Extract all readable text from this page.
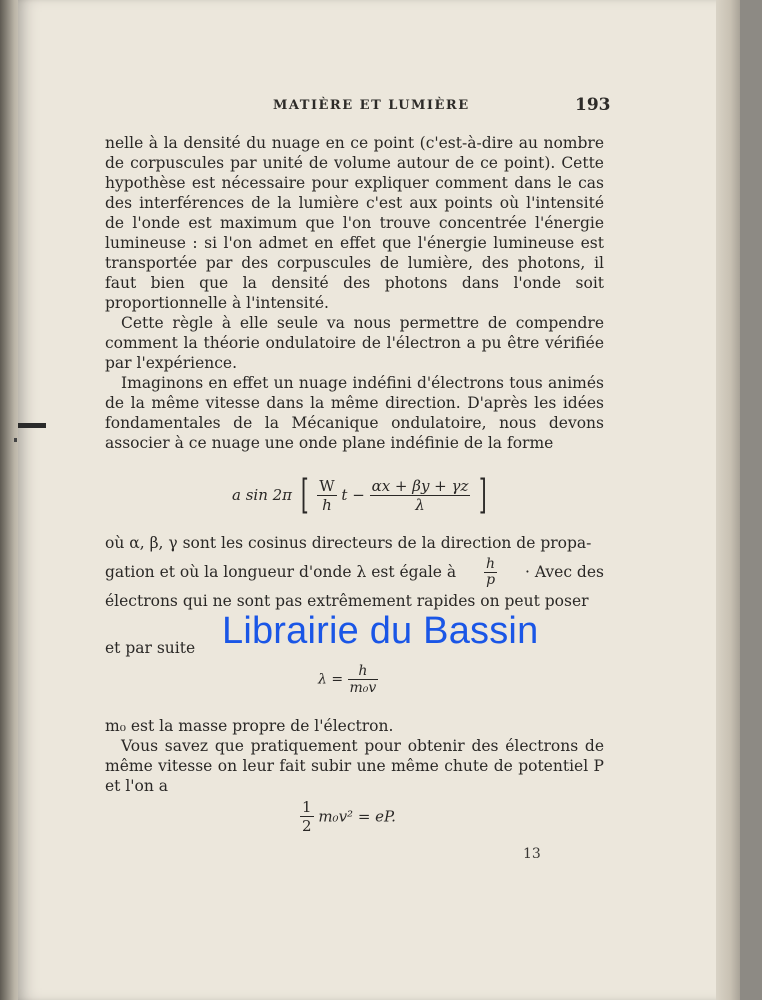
MATIÈRE ET LUMIÈRE	193

nelle à la densité du nuage en ce point (c'est-à-dire au nombre de corpuscules par unité de volume autour de ce point). Cette hypothèse est nécessaire pour expliquer comment dans le cas des interférences de la lumière c'est aux points où l'intensité de l'onde est maximum que l'on trouve concentrée l'énergie lumineuse : si l'on admet en effet que l'énergie lumineuse est transportée par des corpuscules de lumière, des photons, il faut bien que la densité des photons dans l'onde soit proportionnelle à l'intensité.

Cette règle à elle seule va nous permettre de compendre comment la théorie ondulatoire de l'électron a pu être vérifiée par l'expérience.

Imaginons en effet un nuage indéfini d'électrons tous animés de la même vitesse dans la même direction. D'après les idées fondamentales de la Mécanique ondulatoire, nous devons associer à ce nuage une onde plane indéfinie de la forme

a sin 2π [ $\frac{W}{h}$ $t - \frac{\alpha x + \beta y + \gamma z}{\lambda}$ ]
où α, β, γ sont les cosinus directeurs de la direction de propa-
gation et où la longueur d'onde λ est égale à $\frac{h}{p}$ · Avec des
électrons qui ne sont pas extrêmement rapides on peut poser
et par suite
$\lambda = \frac{h}{\text{m₀v}}$

m₀ est la masse propre de l'électron.

Vous savez que pratiquement pour obtenir des électrons de même vitesse on leur fait subir une même chute de potentiel P et l'on a

$\frac{1}{2} m_0v^2$ = eP.
13
Librairie du Bassin
